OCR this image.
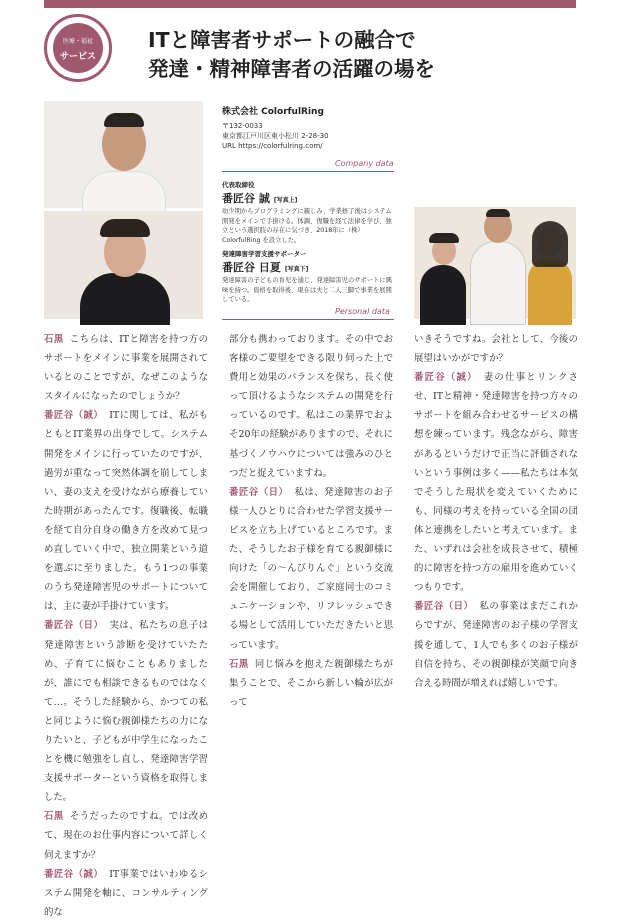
医療・福祉
サービス
ITと障害者サポートの融合で
発達・精神障害者の活躍の場を
株式会社 ColorfulRing
〒132-0033
東京都江戸川区東小松川 2-28-30
URL https://colorfulring.com/
Company data
代表取締役
番匠谷 誠 [写真上]
幼少期からプログラミングに親しみ、学業修了後はシステム開発をメインで手掛ける。体調、復職を経て法律を学び、独立という選択肢の存在に気づき、2018年に（株）ColorfulRing を設立した。
発達障害学習支援サポーター
番匠谷 日夏 [写真下]
発達障害の子どもの育児を通じ、発達障害児のサポートに興味を持つ。資格を取得後、現在は夫と二人三脚で事業を展開している。
Personal data

石黒 こちらは、ITと障害を持つ方のサポートをメインに事業を展開されているとのことですが、なぜこのようなスタイルになったのでしょうか？

番匠谷（誠） ITに関しては、私がもともとIT業界の出身でして。システム開発をメインに行っていたのですが、過労が重なって突然体調を崩してしまい、妻の支えを受けながら療養していた時期があったんです。復職後、転職を経て自分自身の働き方を改めて見つめ直していく中で、独立開業という道を選ぶに至りました。もう1つの事業のうち発達障害児のサポートについては、主に妻が手掛けています。

番匠谷（日） 実は、私たちの息子は発達障害という診断を受けていたため、子育てに悩むこともありましたが、誰にでも相談できるものではなくて…。そうした経験から、かつての私と同じように悩む親御様たちの力になりたいと、子どもが中学生になったことを機に勉強をし直し、発達障害学習支援サポーターという資格を取得しました。

石黒 そうだったのですね。では改めて、現在のお仕事内容について詳しく伺えますか？

番匠谷（誠） IT事業ではいわゆるシステム開発を軸に、コンサルティング的な

部分も携わっております。その中でお客様のご要望をできる限り伺った上で費用と効果のバランスを保ち、長く使って頂けるようなシステムの開発を行っているのです。私はこの業界でおよそ20年の経験がありますので、それに基づくノウハウについては強みのひとつだと捉えていますね。

番匠谷（日） 私は、発達障害のお子様一人ひとりに合わせた学習支援サービスを立ち上げているところです。また、そうしたお子様を育てる親御様に向けた「の〜んびりんぐ」という交流会を開催しており、ご家庭同士のコミュニケーションや、リフレッシュできる場として活用していただきたいと思っています。

石黒 同じ悩みを抱えた親御様たちが集うことで、そこから新しい輪が広がって

いきそうですね。会社として、今後の展望はいかがですか？

番匠谷（誠） 妻の仕事とリンクさせ、ITと精神・発達障害を持つ方々のサポートを組み合わせるサービスの構想を練っています。残念ながら、障害があるというだけで正当に評価されないという事例は多く——私たちは本気でそうした現状を変えていくためにも、同様の考えを持っている全国の団体と連携をしたいと考えています。また、いずれは会社を成長させて、積極的に障害を持つ方の雇用を進めていくつもりです。

番匠谷（日） 私の事業はまだこれからですが、発達障害のお子様の学習支援を通して、1人でも多くのお子様が自信を持ち、その親御様が笑顔で向き合える時間が増えれば嬉しいです。
